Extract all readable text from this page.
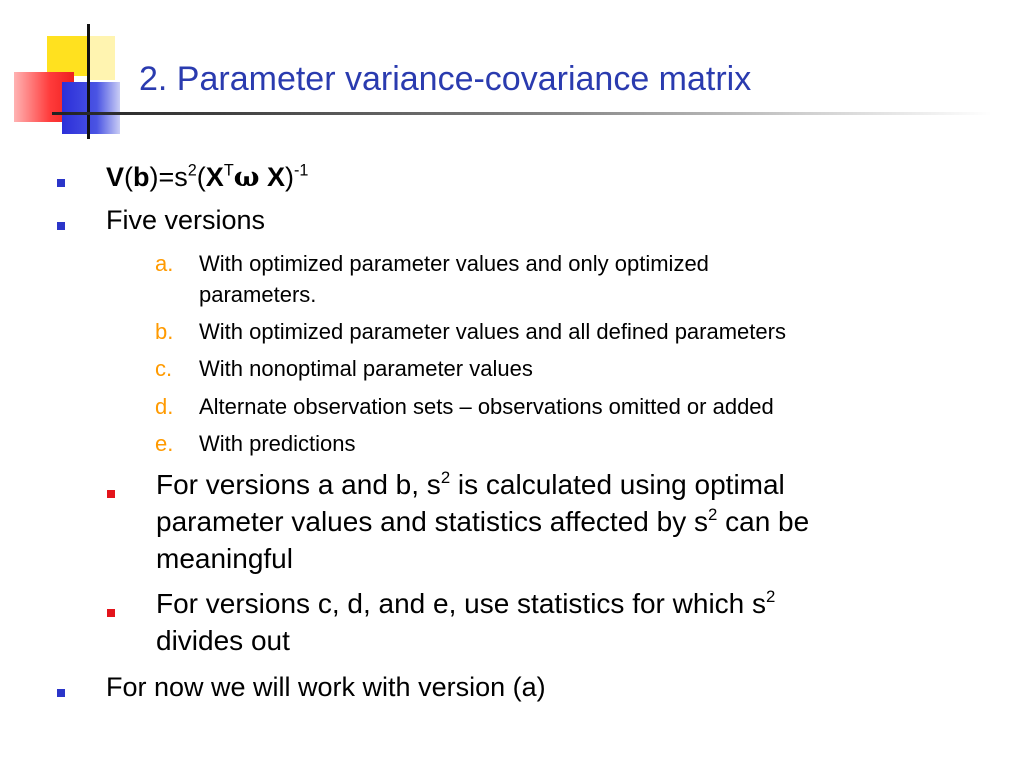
2. Parameter variance-covariance matrix
$V(b)=s^2(X^T\omega$ X)$^{-1}$
Five versions
a. With optimized parameter values and only optimized
parameters.
b. With optimized parameter values and all defined parameters
c. With nonoptimal parameter values
d. Alternate observation sets – observations omitted or added
e. With predictions
For versions a and b, $s^2$ is calculated using optimal
parameter values and statistics affected by $s^2$ can be
meaningful
For versions c, d, and e, use statistics for which $s^2$
divides out
For now we will work with version (a)
